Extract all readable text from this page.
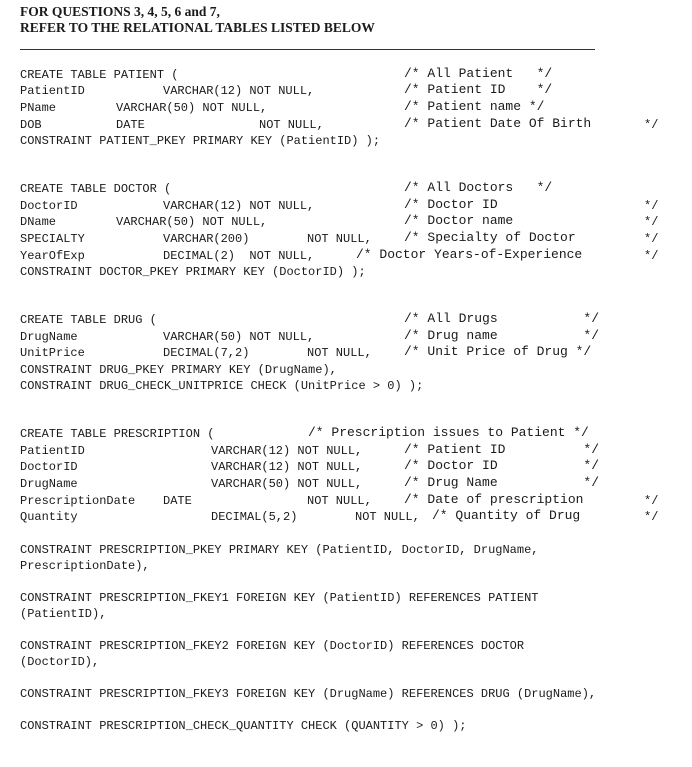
FOR QUESTIONS 3, 4, 5, 6 and 7,
REFER TO THE RELATIONAL TABLES LISTED BELOW
CREATE TABLE PATIENT (	/* All Patient   */
PatientID	VARCHAR(12) NOT NULL,	/* Patient ID    */
PName	VARCHAR(50) NOT NULL,	/* Patient name */
DOB	DATE	NOT NULL,	/* Patient Date Of Birth	*/
CONSTRAINT PATIENT_PKEY PRIMARY KEY (PatientID) );
CREATE TABLE DOCTOR (	/* All Doctors   */
DoctorID	VARCHAR(12) NOT NULL,	/* Doctor ID	*/
DName	VARCHAR(50) NOT NULL,	/* Doctor name	*/
SPECIALTY	VARCHAR(200)	NOT NULL, /* Specialty of Doctor	*/
YearOfExp	DECIMAL(2)  NOT NULL,	/* Doctor Years-of-Experience	*/
CONSTRAINT DOCTOR_PKEY PRIMARY KEY (DoctorID) );
CREATE TABLE DRUG (	/* All Drugs           */
DrugName	VARCHAR(50) NOT NULL,	/* Drug name           */
UnitPrice	DECIMAL(7,2)	NOT NULL, /* Unit Price of Drug */
CONSTRAINT DRUG_PKEY PRIMARY KEY (DrugName),
CONSTRAINT DRUG_CHECK_UNITPRICE CHECK (UnitPrice > 0) );
CREATE TABLE PRESCRIPTION (	/* Prescription issues to Patient */
PatientID	VARCHAR(12) NOT NULL,	/* Patient ID          */
DoctorID	VARCHAR(12) NOT NULL,	/* Doctor ID           */
DrugName	VARCHAR(50) NOT NULL,	/* Drug Name           */
PrescriptionDate DATE	NOT NULL, /* Date of prescription	*/
Quantity	DECIMAL(5,2)	NOT NULL, /* Quantity of Drug	*/
CONSTRAINT PRESCRIPTION_PKEY PRIMARY KEY (PatientID, DoctorID, DrugName,
PrescriptionDate),
CONSTRAINT PRESCRIPTION_FKEY1 FOREIGN KEY (PatientID) REFERENCES PATIENT
(PatientID),
CONSTRAINT PRESCRIPTION_FKEY2 FOREIGN KEY (DoctorID) REFERENCES DOCTOR
(DoctorID),
CONSTRAINT PRESCRIPTION_FKEY3 FOREIGN KEY (DrugName) REFERENCES DRUG (DrugName),
CONSTRAINT PRESCRIPTION_CHECK_QUANTITY CHECK (QUANTITY > 0) );
